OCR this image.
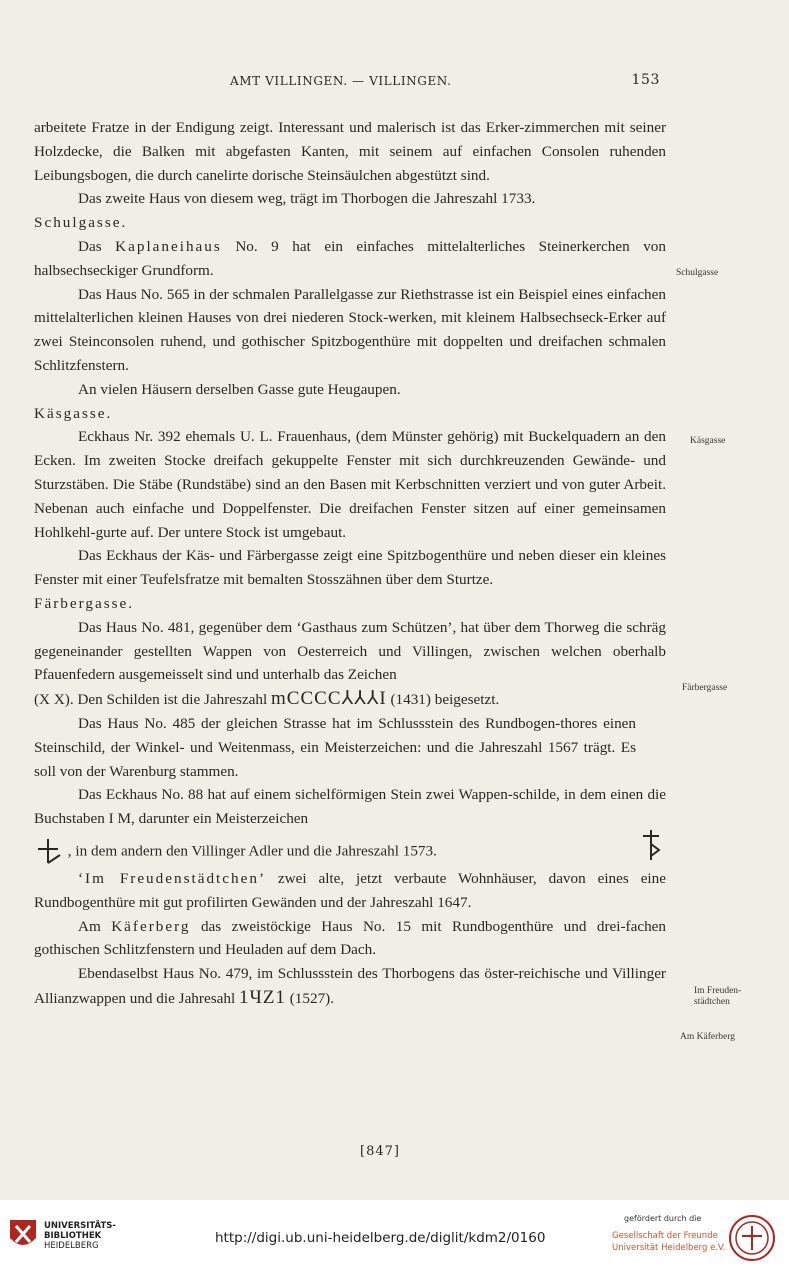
AMT VILLINGEN. — VILLINGEN.	153

arbeitete Fratze in der Endigung zeigt. Interessant und malerisch ist das Erker-zimmerchen mit seiner Holzdecke, die Balken mit abgefasten Kanten, mit seinem auf einfachen Consolen ruhenden Leibungsbogen, die durch canelirte dorische Steinsäulchen abgestützt sind.

Das zweite Haus von diesem weg, trägt im Thorbogen die Jahreszahl 1733.

Schulgasse.

Das Kaplaneihaus No. 9 hat ein einfaches mittelalterliches Steinerkerchen von halbsechseckiger Grundform.

Das Haus No. 565 in der schmalen Parallelgasse zur Riethstrasse ist ein Beispiel eines einfachen mittelalterlichen kleinen Hauses von drei niederen Stock-werken, mit kleinem Halbsechseck-Erker auf zwei Steinconsolen ruhend, und gothischer Spitzbogenthüre mit doppelten und dreifachen schmalen Schlitzfenstern.

An vielen Häusern derselben Gasse gute Heugaupen.

Käsgasse.

Eckhaus Nr. 392 ehemals U. L. Frauenhaus, (dem Münster gehörig) mit Buckelquadern an den Ecken. Im zweiten Stocke dreifach gekuppelte Fenster mit sich durchkreuzenden Gewände- und Sturzstäben. Die Stäbe (Rundstäbe) sind an den Basen mit Kerbschnitten verziert und von guter Arbeit. Nebenan auch einfache und Doppelfenster. Die dreifachen Fenster sitzen auf einer gemeinsamen Hohlkehl-gurte auf. Der untere Stock ist umgebaut.

Das Eckhaus der Käs- und Färbergasse zeigt eine Spitzbogenthüre und neben dieser ein kleines Fenster mit einer Teufelsfratze mit bemalten Stosszähnen über dem Sturtze.

Färbergasse.

Das Haus No. 481, gegenüber dem ‘Gasthaus zum Schützen’, hat über dem Thorweg die schräg gegeneinander gestellten Wappen von Oesterreich und Villingen, zwischen welchen oberhalb Pfauenfedern ausgemeisselt sind und unterhalb das Zeichen

(X X). Den Schilden ist die Jahreszahl mCCCC⅄⅄⅄I (1431) beigesetzt.

Das Haus No. 485 der gleichen Strasse hat im Schlussstein des Rundbogen-thores einen Steinschild, der Winkel- und Weitenmass, ein Meisterzeichen: und die Jahreszahl 1567 trägt. Es soll von der Warenburg stammen.

Das Eckhaus No. 88 hat auf einem sichelförmigen Stein zwei Wappen-schilde, in dem einen die Buchstaben I M, darunter ein Meisterzeichen

, in dem andern den Villinger Adler und die Jahreszahl 1573.

‘Im Freudenstädtchen’ zwei alte, jetzt verbaute Wohnhäuser, davon eines eine Rundbogenthüre mit gut profilirten Gewänden und der Jahreszahl 1647.

Am Käferberg das zweistöckige Haus No. 15 mit Rundbogenthüre und drei-fachen gothischen Schlitzfenstern und Heuladen auf dem Dach.

Ebendaselbst Haus No. 479, im Schlussstein des Thorbogens das öster-reichische und Villinger Allianzwappen und die Jahresahl 1ЧZ1 (1527).

Schulgasse
Käsgasse
Färbergasse
Im Freuden-städtchen
Am Käferberg
[847]
UNIVERSITÄTS-
BIBLIOTHEK
HEIDELBERG	http://digi.ub.uni-heidelberg.de/diglit/kdm2/0160
gefördert durch die
Gesellschaft der Freunde
Universität Heidelberg e.V.
